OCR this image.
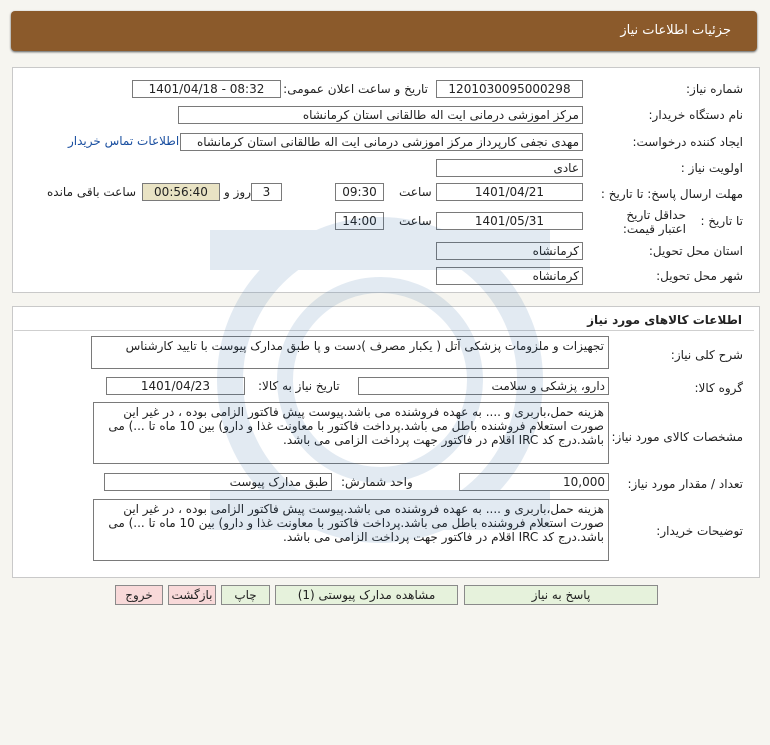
جزئیات اطلاعات نیاز
شماره نیاز:
1201030095000298
تاریخ و ساعت اعلان عمومی:
1401/04/18 - 08:32
نام دستگاه خریدار:
مرکز اموزشی درمانی ایت اله طالقانی استان کرمانشاه
ایجاد کننده درخواست:
مهدی نجفی کارپرداز مرکز اموزشی درمانی ایت اله طالقانی استان کرمانشاه
اطلاعات تماس خریدار
اولویت نیاز :
عادی
مهلت ارسال پاسخ: تا تاریخ :
1401/04/21
ساعت
09:30
3
روز و
00:56:40
ساعت باقی مانده
حداقل تاریخ اعتبار قیمت:
تا تاریخ :
1401/05/31
ساعت
14:00
استان محل تحویل:
کرمانشاه
شهر محل تحویل:
کرمانشاه
اطلاعات کالاهای مورد نیاز
شرح کلی نیاز:
تجهیزات و ملزومات پزشکی آتل ( یکبار مصرف )دست و پا طبق مدارک پیوست با تایید کارشناس
گروه کالا:
دارو، پزشکی و سلامت
تاریخ نیاز به کالا:
1401/04/23
مشخصات کالای مورد نیاز:
هزینه حمل،باربری و .... به عهده فروشنده می باشد.پیوست پیش فاکتور الزامی بوده ، در غیر این صورت استعلام فروشنده باطل می باشد.پرداخت فاکتور با معاونت غذا و دارو) بین 10 ماه تا ...) می باشد.درج کد IRC اقلام در فاکتور جهت پرداخت الزامی می باشد.
تعداد / مقدار مورد نیاز:
10,000
واحد شمارش:
طبق مدارک پیوست
توضیحات خریدار:
هزینه حمل،باربری و .... به عهده فروشنده می باشد.پیوست پیش فاکتور الزامی بوده ، در غیر این صورت استعلام فروشنده باطل می باشد.پرداخت فاکتور با معاونت غذا و دارو) بین 10 ماه تا ...) می باشد.درج کد IRC اقلام در فاکتور جهت پرداخت الزامی می باشد.
پاسخ به نیاز
مشاهده مدارک پیوستی (1)
چاپ
بازگشت
خروج
